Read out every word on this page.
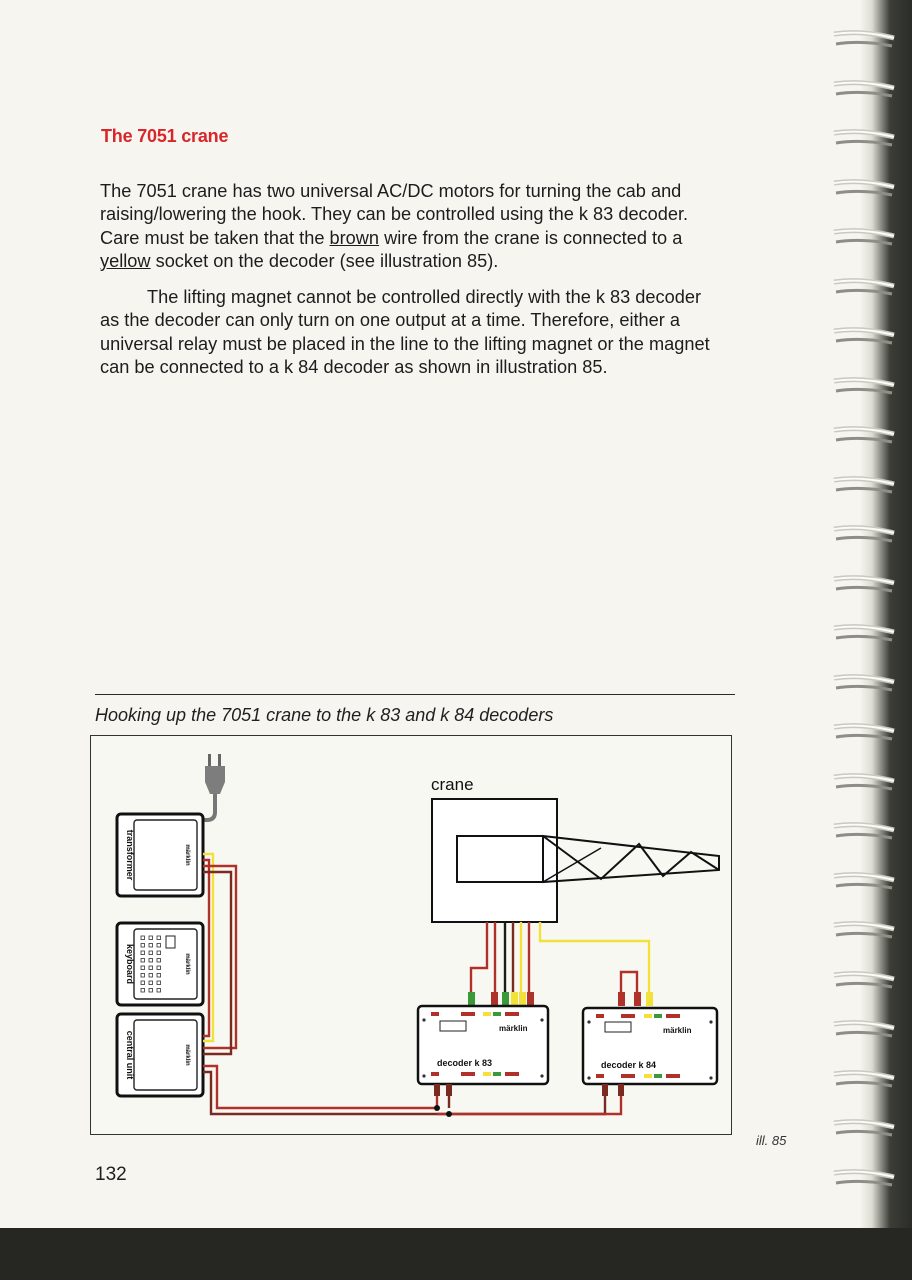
The 7051 crane

The 7051 crane has two universal AC/DC motors for turning the cab and
raising/lowering the hook. They can be controlled using the k 83 decoder.
Care must be taken that the brown wire from the crane is connected to a
yellow socket on the decoder (see illustration 85).

The lifting magnet cannot be controlled directly with the k 83 decoder
as the decoder can only turn on one output at a time. Therefore, either a
universal relay must be placed in the line to the lifting magnet or the magnet
can be connected to a k 84 decoder as shown in illustration 85.

Hooking up the 7051 crane to the k 83 and k 84 decoders

transformer	märklin
keyboard	märklin
central unit	märklin
crane
märklin
decoder k 83
märklin
decoder k 84

ill. 85

132
